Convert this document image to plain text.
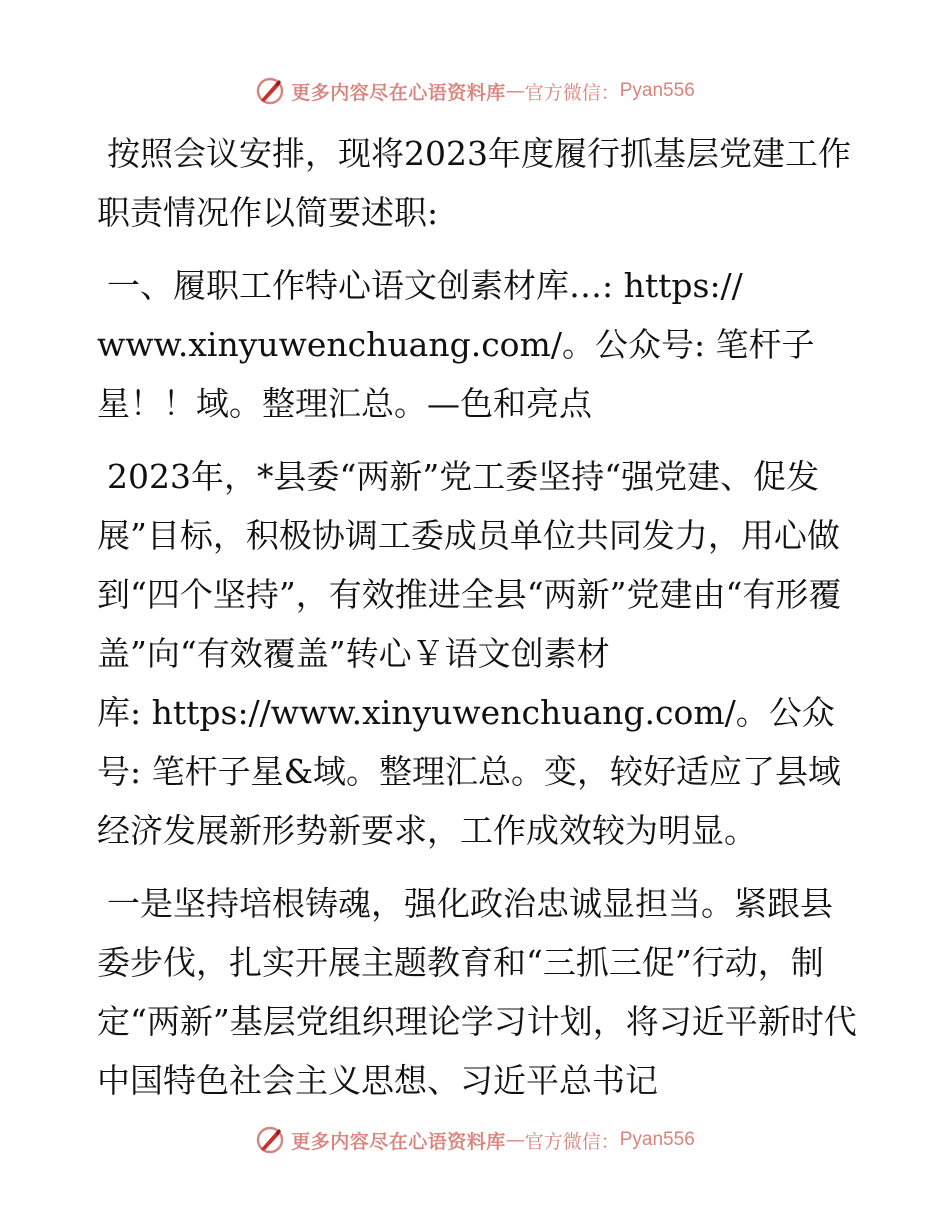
更多内容尽在心语资料库 — 官方微信： Pyan556

按照会议安排，现将2023年度履行抓基层党建工作职责情况作以简要述职:

一、履职工作特心语文创素材库…: https://
www.xinyuwenchuang.com/。公众号: 笔杆子
星！！域。整理汇总。—色和亮点

2023年，*县委“两新”党工委坚持“强党建、促发展”目标，积极协调工委成员单位共同发力，用心做到“四个坚持”，有效推进全县“两新”党建由“有形覆盖”向“有效覆盖”转心￥语文创素材
库: https://www.xinyuwenchuang.com/。公众
号: 笔杆子星&域。整理汇总。变，较好适应了县域经济发展新形势新要求，工作成效较为明显。

一是坚持培根铸魂，强化政治忠诚显担当。紧跟县委步伐，扎实开展主题教育和“三抓三促”行动，制定“两新”基层党组织理论学习计划，将习近平新时代中国特色社会主义思想、习近平总书记

更多内容尽在心语资料库 — 官方微信： Pyan556
